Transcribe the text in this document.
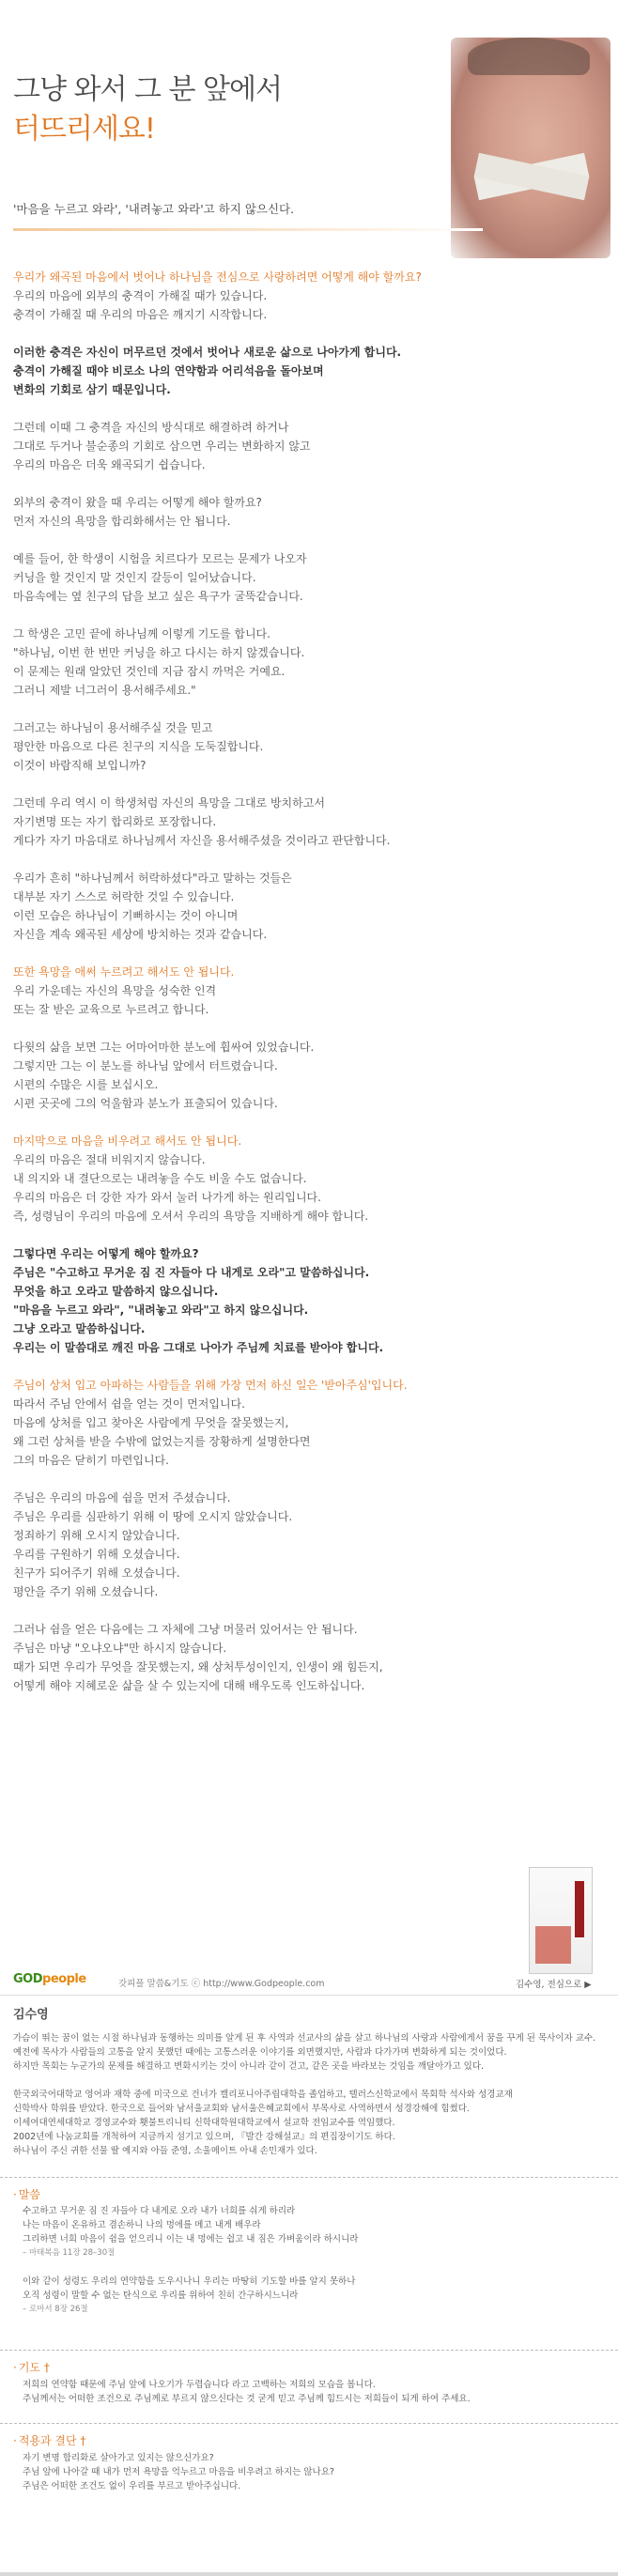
그냥 와서 그 분 앞에서
터뜨리세요!
'마음을 누르고 와라', '내려놓고 와라'고 하지 않으신다.
우리가 왜곡된 마음에서 벗어나 하나님을 전심으로 사랑하려면 어떻게 해야 할까요?
우리의 마음에 외부의 충격이 가해질 때가 있습니다.
충격이 가해질 때 우리의 마음은 깨지기 시작합니다.
이러한 충격은 자신이 머무르던 것에서 벗어나 새로운 삶으로 나아가게 합니다.
충격이 가해질 때야 비로소 나의 연약함과 어리석음을 돌아보며
변화의 기회로 삼기 때문입니다.
그런데 이때 그 충격을 자신의 방식대로 해결하려 하거나
그대로 두거나 불순종의 기회로 삼으면 우리는 변화하지 않고
우리의 마음은 더욱 왜곡되기 쉽습니다.
외부의 충격이 왔을 때 우리는 어떻게 해야 할까요?
먼저 자신의 욕망을 합리화해서는 안 됩니다.
예를 들어, 한 학생이 시험을 치르다가 모르는 문제가 나오자
커닝을 할 것인지 말 것인지 갈등이 일어났습니다.
마음속에는 옆 친구의 답을 보고 싶은 욕구가 굴뚝같습니다.
그 학생은 고민 끝에 하나님께 이렇게 기도를 합니다.
"하나님, 이번 한 번만 커닝을 하고 다시는 하지 않겠습니다.
이 문제는 원래 알았던 것인데 지금 잠시 까먹은 거예요.
그러니 제발 너그러이 용서해주세요."
그러고는 하나님이 용서해주실 것을 믿고
평안한 마음으로 다른 친구의 지식을 도둑질합니다.
이것이 바람직해 보입니까?
그런데 우리 역시 이 학생처럼 자신의 욕망을 그대로 방치하고서
자기변명 또는 자기 합리화로 포장합니다.
게다가 자기 마음대로 하나님께서 자신을 용서해주셨을 것이라고 판단합니다.
우리가 흔히 "하나님께서 허락하셨다"라고 말하는 것들은
대부분 자기 스스로 허락한 것일 수 있습니다.
이런 모습은 하나님이 기뻐하시는 것이 아니며
자신을 계속 왜곡된 세상에 방치하는 것과 같습니다.
또한 욕망을 애써 누르려고 해서도 안 됩니다.
우리 가운데는 자신의 욕망을 성숙한 인격
또는 잘 받은 교육으로 누르려고 합니다.
다윗의 삶을 보면 그는 어마어마한 분노에 휩싸여 있었습니다.
그렇지만 그는 이 분노를 하나님 앞에서 터트렸습니다.
시편의 수많은 시를 보십시오.
시편 곳곳에 그의 억울함과 분노가 표출되어 있습니다.
마지막으로 마음을 비우려고 해서도 안 됩니다.
우리의 마음은 절대 비워지지 않습니다.
내 의지와 내 결단으로는 내려놓을 수도 비울 수도 없습니다.
우리의 마음은 더 강한 자가 와서 눌러 나가게 하는 원리입니다.
즉, 성령님이 우리의 마음에 오셔서 우리의 욕망을 지배하게 해야 합니다.
그렇다면 우리는 어떻게 해야 할까요?
주님은 "수고하고 무거운 짐 진 자들아 다 내게로 오라"고 말씀하십니다.
무엇을 하고 오라고 말씀하지 않으십니다.
"마음을 누르고 와라", "내려놓고 와라"고 하지 않으십니다.
그냥 오라고 말씀하십니다.
우리는 이 말씀대로 깨진 마음 그대로 나아가 주님께 치료를 받아야 합니다.
주님이 상처 입고 아파하는 사람들을 위해 가장 먼저 하신 일은 '받아주심'입니다.
따라서 주님 안에서 쉼을 얻는 것이 먼저입니다.
마음에 상처를 입고 찾아온 사람에게 무엇을 잘못했는지,
왜 그런 상처를 받을 수밖에 없었는지를 장황하게 설명한다면
그의 마음은 닫히기 마련입니다.
주님은 우리의 마음에 쉼을 먼저 주셨습니다.
주님은 우리를 심판하기 위해 이 땅에 오시지 않았습니다.
정죄하기 위해 오시지 않았습니다.
우리를 구원하기 위해 오셨습니다.
친구가 되어주기 위해 오셨습니다.
평안을 주기 위해 오셨습니다.
그러나 쉼을 얻은 다음에는 그 자체에 그냥 머물러 있어서는 안 됩니다.
주님은 마냥 "오냐오냐"만 하시지 않습니다.
때가 되면 우리가 무엇을 잘못했는지, 왜 상처투성이인지, 인생이 왜 힘든지,
어떻게 해야 지혜로운 삶을 살 수 있는지에 대해 배우도록 인도하십니다.
김수영, 전심으로 ▶
GODpeople	갓피플 말씀&기도 ⓒ http://www.Godpeople.com
김수영
가슴이 뛰는 꿈이 없는 시절 하나님과 동행하는 의미를 알게 된 후 사역과 선교사의 삶을 살고 하나님의 사랑과 사람에게서 꿈을 꾸게 된 목사이자 교수.
예전에 목사가 사람들의 고통을 알지 못했던 때에는 고통스러운 이야기를 외면했지만, 사람과 다가가며 변화하게 되는 것이었다.
하지만 목회는 누군가의 문제를 해결하고 변화시키는 것이 아니라 같이 걷고, 같은 곳을 바라보는 것임을 깨달아가고 있다.

한국외국어대학교 영어과 재학 중에 미국으로 건너가 캘리포니아주립대학을 졸업하고, 텔러스신학교에서 목회학 석사와 성경교재
신학박사 학위를 받았다. 한국으로 들어와 남서울교회와 남서울은혜교회에서 부목사로 사역하면서 성경강해에 힘썼다.
이세여대연세대학교 경영교수와 횃불트리니티 신학대학원대학교에서 설교학 전임교수를 역임했다.
2002년에 나눔교회를 개척하여 지금까지 섬기고 있으며, 『발간 강해설교』의 편집장이기도 하다.
하나님이 주신 귀한 선물 딸 예지와 아들 준영, 소울메이트 아내 손민재가 있다.
· 말씀
수고하고 무거운 짐 진 자들아 다 내게로 오라 내가 너희를 쉬게 하리라
나는 마음이 온유하고 겸손하니 나의 멍에를 메고 내게 배우라
그리하면 너희 마음이 쉼을 얻으리니 이는 내 멍에는 쉽고 내 짐은 가벼움이라 하시니라
– 마태복음 11장 28–30절

이와 같이 성령도 우리의 연약함을 도우시나니 우리는 마땅히 기도할 바를 알지 못하나
오직 성령이 말할 수 없는 탄식으로 우리를 위하여 친히 간구하시느니라
– 로마서 8장 26절
· 기도 †
저희의 연약함 때문에 주님 앞에 나오기가 두렵습니다 라고 고백하는 저희의 모습을 봅니다.
주님께서는 어떠한 조건으로 주님께로 부르지 않으신다는 것 굳게 믿고 주님께 힘드시는 저희들이 되게 하여 주세요.
· 적용과 결단 †
자기 변명 합리화로 살아가고 있지는 않으신가요?
주님 앞에 나아갈 때 내가 먼저 욕망을 억누르고 마음을 비우려고 하지는 않나요?
주님은 어떠한 조건도 없이 우리를 부르고 받아주십니다.
